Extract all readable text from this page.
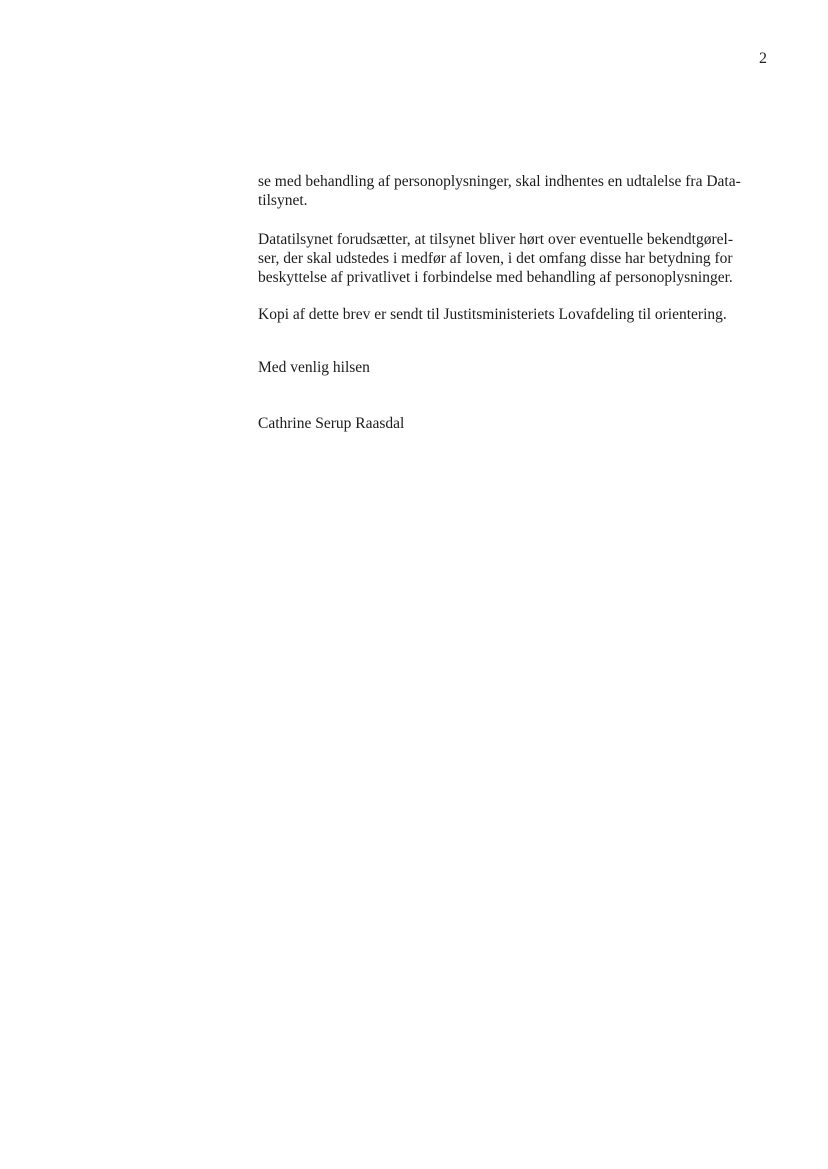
2
se med behandling af personoplysninger, skal indhentes en udtalelse fra Data-
tilsynet.
Datatilsynet forudsætter, at tilsynet bliver hørt over eventuelle bekendtgørel-
ser, der skal udstedes i medfør af loven, i det omfang disse har betydning for
beskyttelse af privatlivet i forbindelse med behandling af personoplysninger.
Kopi af dette brev er sendt til Justitsministeriets Lovafdeling til orientering.
Med venlig hilsen
Cathrine Serup Raasdal
